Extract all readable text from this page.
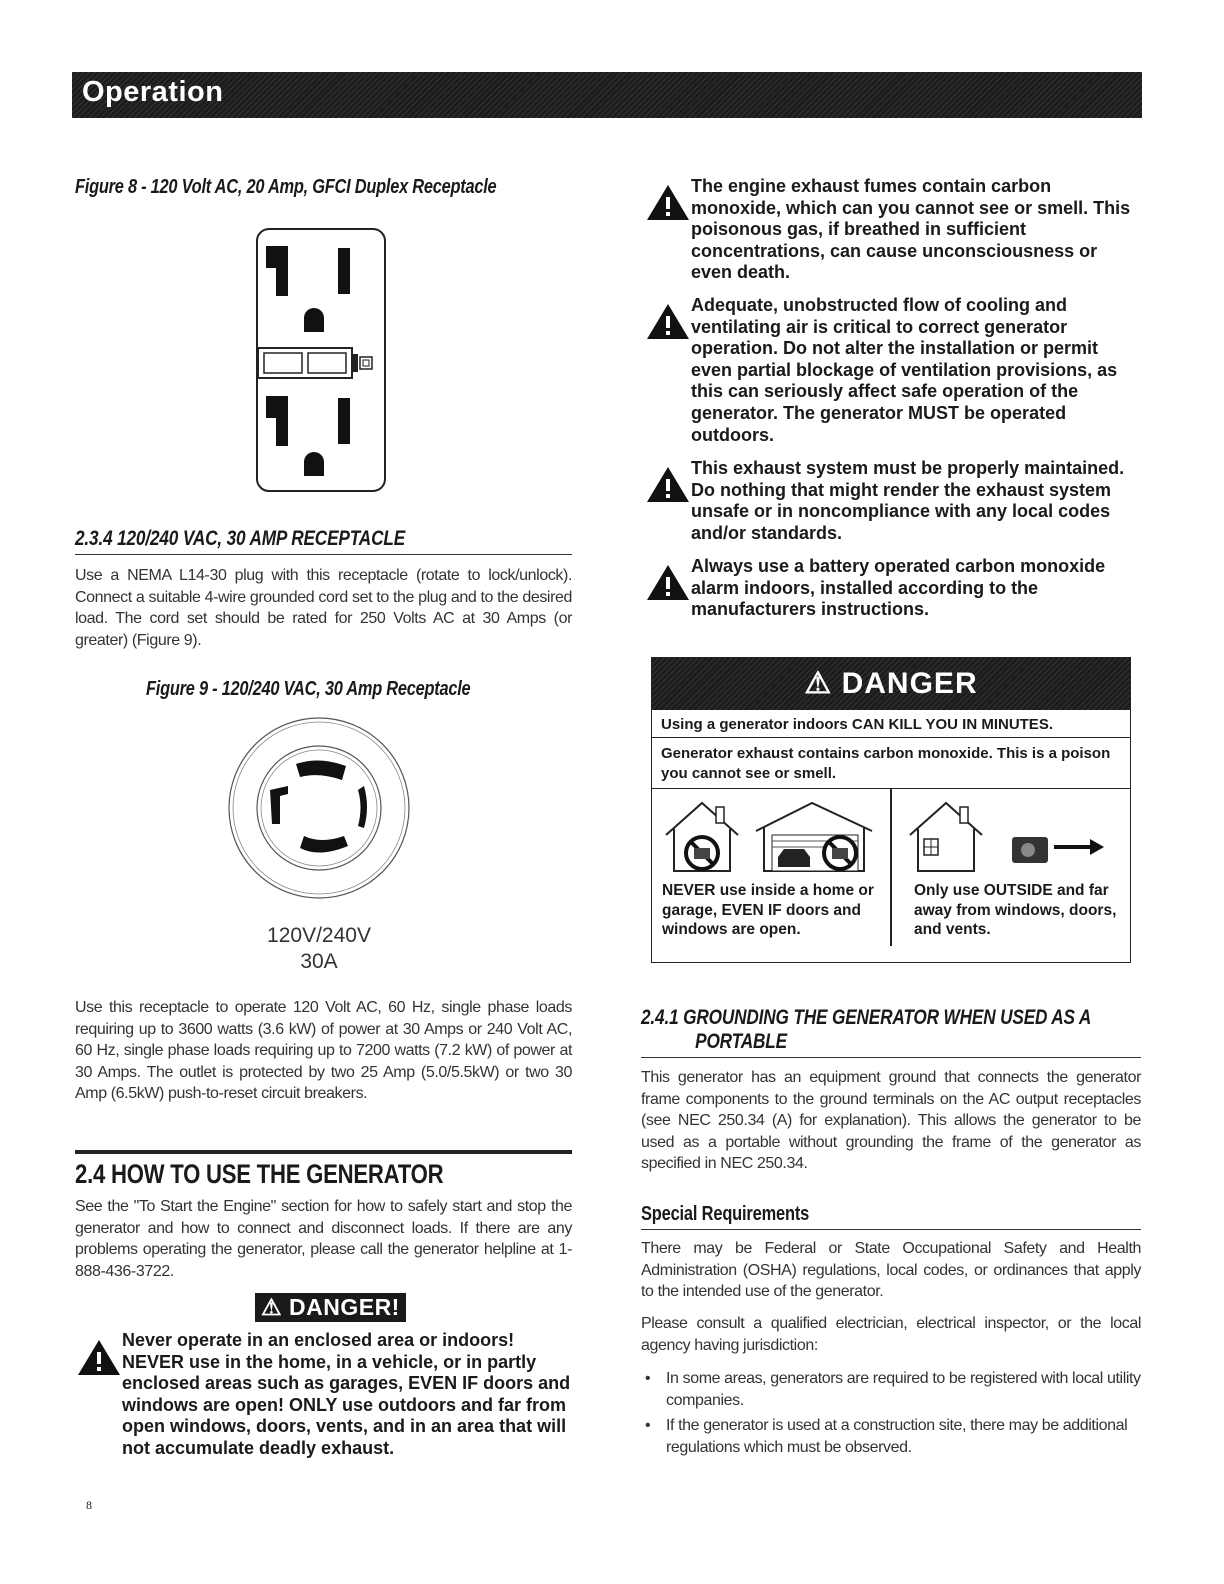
Operation
Figure 8 - 120 Volt AC, 20 Amp, GFCI Duplex Receptacle
2.3.4 120/240 VAC, 30 AMP RECEPTACLE
Use a NEMA L14-30 plug with this receptacle (rotate to lock/unlock). Connect a suitable 4-wire grounded cord set to the plug and to the desired load. The cord set should be rated for 250 Volts AC at 30 Amps (or greater) (Figure 9).
Figure 9 - 120/240 VAC, 30 Amp Receptacle
120V/240V
30A
Use this receptacle to operate 120 Volt AC, 60 Hz, single phase loads requiring up to 3600 watts (3.6 kW) of power at 30 Amps or 240 Volt AC, 60 Hz, single phase loads requiring up to 7200 watts (7.2 kW) of power at 30 Amps. The outlet is protected by two 25 Amp (5.0/5.5kW) or two 30 Amp (6.5kW) push-to-reset circuit breakers.
2.4 HOW TO USE THE GENERATOR
See the "To Start the Engine" section for how to safely start and stop the generator and how to connect and disconnect loads. If there are any problems operating the generator, please call the generator helpline at 1-888-436-3722.
⚠ DANGER!
Never operate in an enclosed area or indoors! NEVER use in the home, in a vehicle, or in partly enclosed areas such as garages, EVEN IF doors and windows are open! ONLY use outdoors and far from open windows, doors, vents, and in an area that will not accumulate deadly exhaust.
The engine exhaust fumes contain carbon monoxide, which can you cannot see or smell. This poisonous gas, if breathed in sufficient concentrations, can cause unconsciousness or even death.
Adequate, unobstructed flow of cooling and ventilating air is critical to correct generator operation. Do not alter the installation or permit even partial blockage of ventilation provisions, as this can seriously affect safe operation of the generator. The generator MUST be operated outdoors.
This exhaust system must be properly maintained. Do nothing that might render the exhaust system unsafe or in noncompliance with any local codes and/or standards.
Always use a battery operated carbon monoxide alarm indoors, installed according to the manufacturers instructions.
⚠ DANGER
Using a generator indoors CAN KILL YOU IN MINUTES.
Generator exhaust contains carbon monoxide. This is a poison you cannot see or smell.
NEVER use inside a home or garage, EVEN IF doors and windows are open.
Only use OUTSIDE and far away from windows, doors, and vents.
2.4.1 GROUNDING THE GENERATOR WHEN USED AS A
PORTABLE
This generator has an equipment ground that connects the generator frame components to the ground terminals on the AC output receptacles (see NEC 250.34 (A) for explanation). This allows the generator to be used as a portable without grounding the frame of the generator as specified in NEC 250.34.
Special Requirements
There may be Federal or State Occupational Safety and Health Administration (OSHA) regulations, local codes, or ordinances that apply to the intended use of the generator.
Please consult a qualified electrician, electrical inspector, or the local agency having jurisdiction:
• In some areas, generators are required to be registered with local utility companies.
• If the generator is used at a construction site, there may be additional regulations which must be observed.
8
